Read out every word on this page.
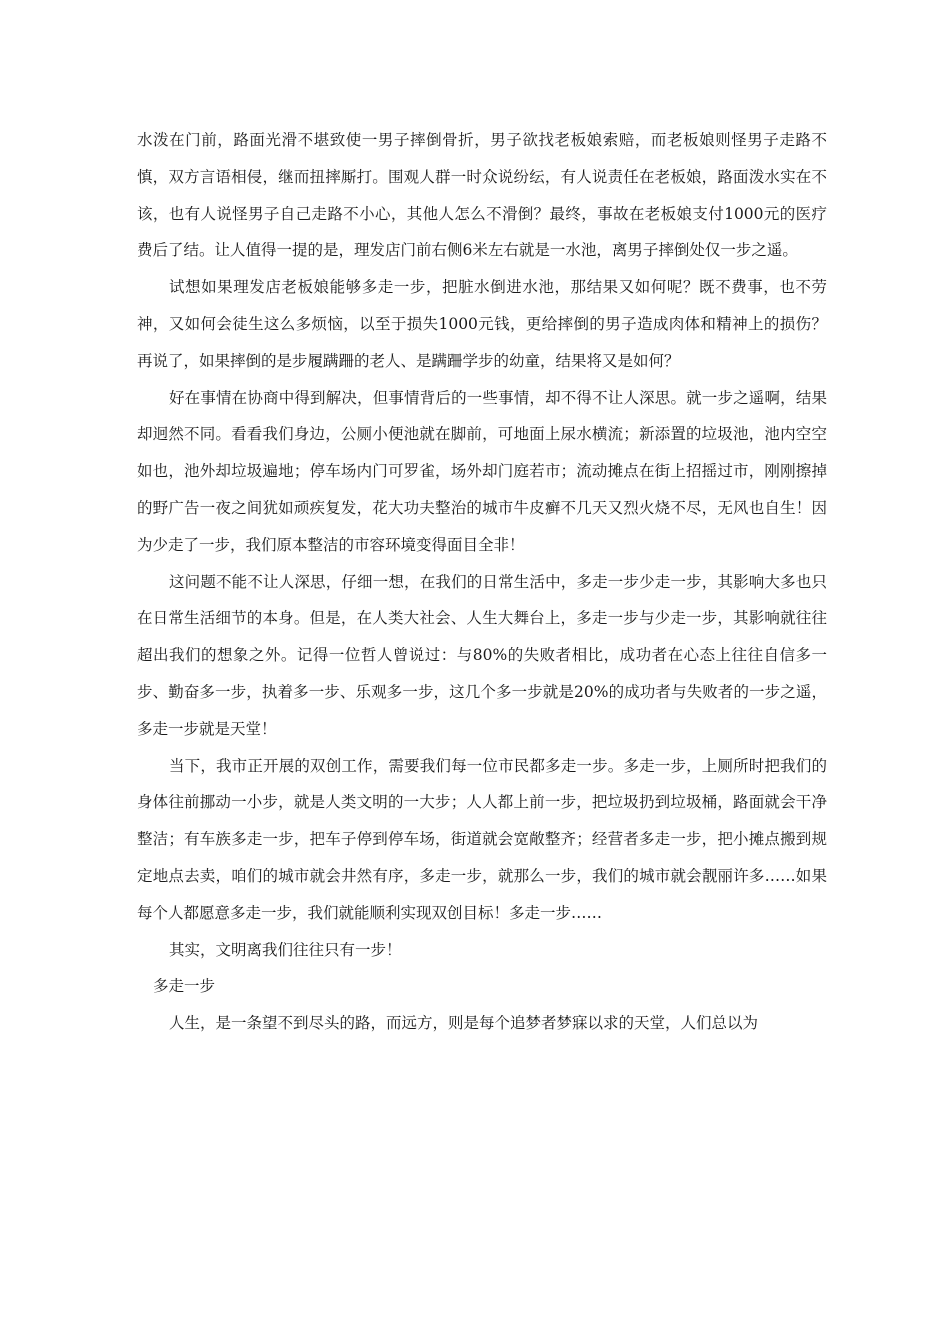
水泼在门前，路面光滑不堪致使一男子摔倒骨折，男子欲找老板娘索赔，而老板娘则怪男子走路不慎，双方言语相侵，继而扭摔厮打。围观人群一时众说纷纭，有人说责任在老板娘，路面泼水实在不该，也有人说怪男子自己走路不小心，其他人怎么不滑倒？最终，事故在老板娘支付1000元的医疗费后了结。让人值得一提的是，理发店门前右侧6米左右就是一水池，离男子摔倒处仅一步之遥。

试想如果理发店老板娘能够多走一步，把脏水倒进水池，那结果又如何呢？既不费事，也不劳神，又如何会徒生这么多烦恼，以至于损失1000元钱，更给摔倒的男子造成肉体和精神上的损伤？再说了，如果摔倒的是步履蹒跚的老人、是蹒跚学步的幼童，结果将又是如何？

好在事情在协商中得到解决，但事情背后的一些事情，却不得不让人深思。就一步之遥啊，结果却迥然不同。看看我们身边，公厕小便池就在脚前，可地面上尿水横流；新添置的垃圾池，池内空空如也，池外却垃圾遍地；停车场内门可罗雀，场外却门庭若市；流动摊点在街上招摇过市，刚刚擦掉的野广告一夜之间犹如顽疾复发，花大功夫整治的城市牛皮癣不几天又烈火烧不尽，无风也自生！因为少走了一步，我们原本整洁的市容环境变得面目全非！

这问题不能不让人深思，仔细一想，在我们的日常生活中，多走一步少走一步，其影响大多也只在日常生活细节的本身。但是，在人类大社会、人生大舞台上，多走一步与少走一步，其影响就往往超出我们的想象之外。记得一位哲人曾说过：与80%的失败者相比，成功者在心态上往往自信多一步、勤奋多一步，执着多一步、乐观多一步，这几个多一步就是20%的成功者与失败者的一步之遥，多走一步就是天堂！

当下，我市正开展的双创工作，需要我们每一位市民都多走一步。多走一步，上厕所时把我们的身体往前挪动一小步，就是人类文明的一大步；人人都上前一步，把垃圾扔到垃圾桶，路面就会干净整洁；有车族多走一步，把车子停到停车场，街道就会宽敞整齐；经营者多走一步，把小摊点搬到规定地点去卖，咱们的城市就会井然有序，多走一步，就那么一步，我们的城市就会靓丽许多……如果每个人都愿意多走一步，我们就能顺利实现双创目标！多走一步……

其实，文明离我们往往只有一步！

多走一步

人生，是一条望不到尽头的路，而远方，则是每个追梦者梦寐以求的天堂，人们总以为
